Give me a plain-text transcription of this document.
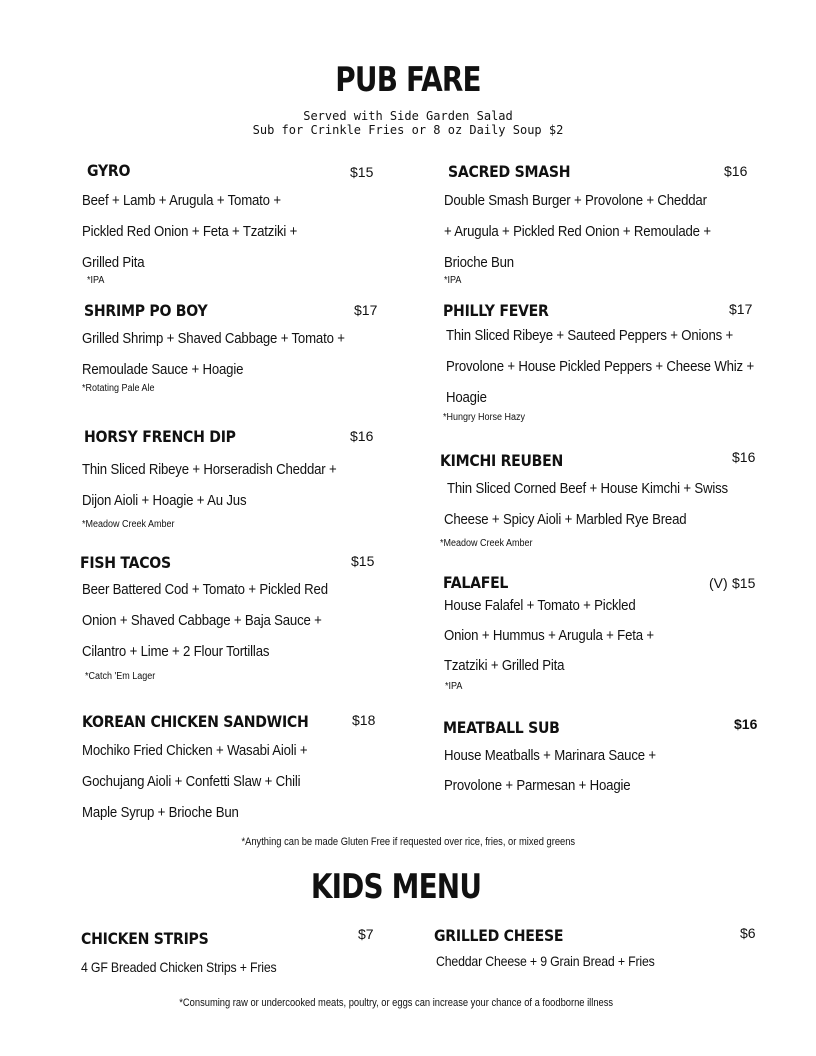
PUB FARE
Served with Side Garden Salad
Sub for Crinkle Fries or 8 oz Daily Soup $2
GYRO	$15
Beef + Lamb + Arugula + Tomato +
Pickled Red Onion + Feta + Tzatziki +
Grilled Pita
*IPA
SACRED SMASH	$16
Double Smash Burger + Provolone + Cheddar
+ Arugula + Pickled Red Onion + Remoulade +
Brioche Bun
*IPA
SHRIMP PO BOY	$17
Grilled Shrimp + Shaved Cabbage + Tomato +
Remoulade Sauce + Hoagie
*Rotating Pale Ale
PHILLY FEVER	$17
Thin Sliced Ribeye + Sauteed Peppers + Onions +
Provolone + House Pickled Peppers + Cheese Whiz +
Hoagie
*Hungry Horse Hazy
HORSY FRENCH DIP	$16
Thin Sliced Ribeye + Horseradish Cheddar +
Dijon Aioli + Hoagie + Au Jus
*Meadow Creek Amber
KIMCHI REUBEN	$16
Thin Sliced Corned Beef + House Kimchi + Swiss
Cheese + Spicy Aioli + Marbled Rye Bread
*Meadow Creek Amber
FISH TACOS	$15
Beer Battered Cod + Tomato + Pickled Red
Onion + Shaved Cabbage + Baja Sauce +
Cilantro + Lime + 2 Flour Tortillas
*Catch 'Em Lager
FALAFEL	(V) $15
House Falafel + Tomato + Pickled
Onion + Hummus + Arugula + Feta +
Tzatziki + Grilled Pita
*IPA
KOREAN CHICKEN SANDWICH	$18
Mochiko Fried Chicken + Wasabi Aioli +
Gochujang Aioli + Confetti Slaw + Chili
Maple Syrup + Brioche Bun
MEATBALL SUB	$16
House Meatballs + Marinara Sauce +
Provolone + Parmesan + Hoagie
*Anything can be made Gluten Free if requested over rice, fries, or mixed greens
KIDS MENU
CHICKEN STRIPS	$7
4 GF Breaded Chicken Strips + Fries
GRILLED CHEESE	$6
Cheddar Cheese + 9 Grain Bread + Fries
*Consuming raw or undercooked meats, poultry, or eggs can increase your chance of a foodborne illness
